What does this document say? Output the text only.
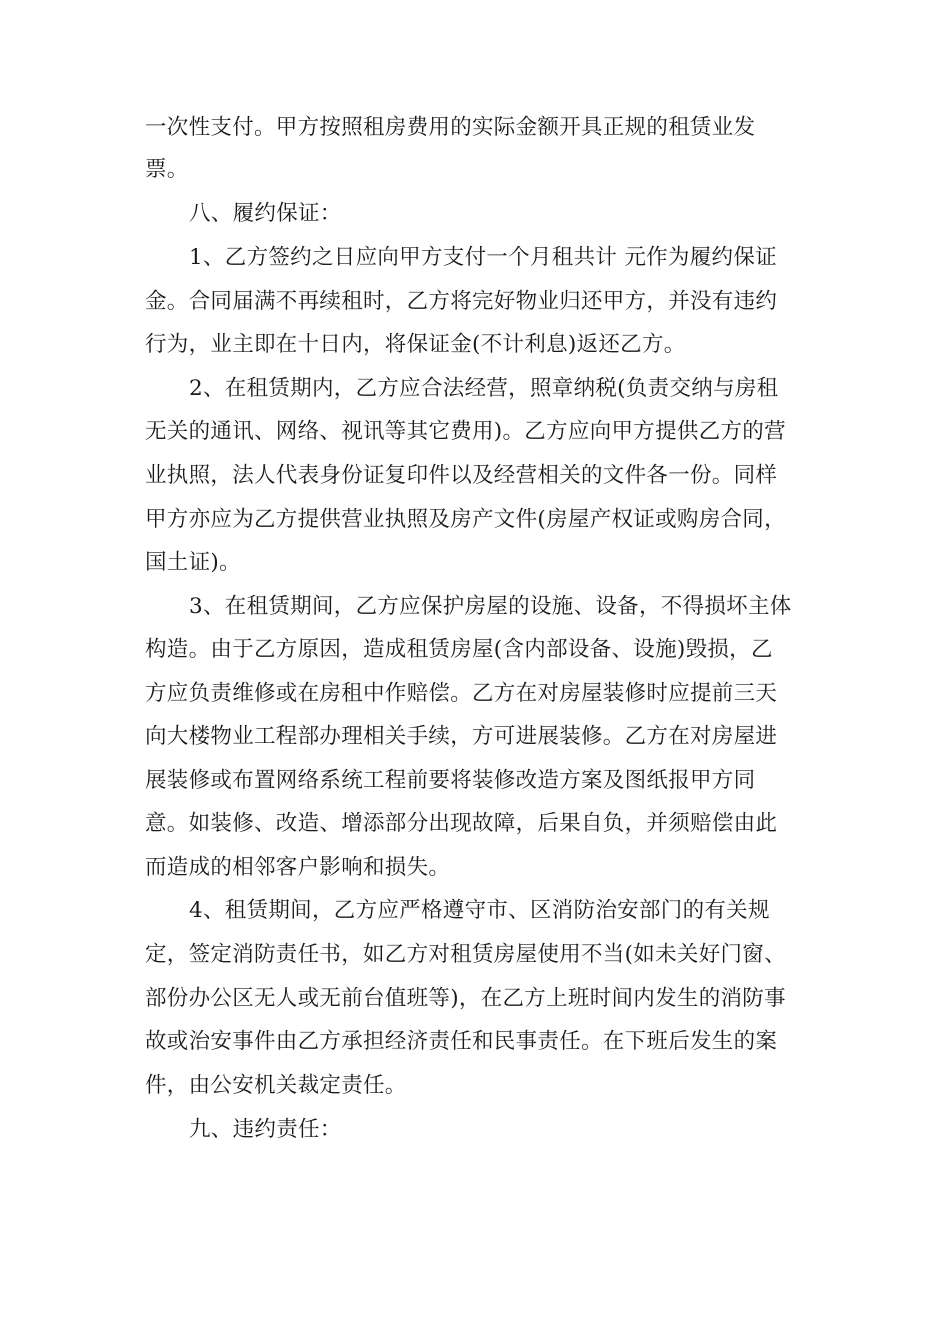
一次性支付。甲方按照租房费用的实际金额开具正规的租赁业发
票。
八、履约保证：
1、乙方签约之日应向甲方支付一个月租共计 元作为履约保证
金。合同届满不再续租时，乙方将完好物业归还甲方，并没有违约
行为，业主即在十日内，将保证金(不计利息)返还乙方。
2、在租赁期内，乙方应合法经营，照章纳税(负责交纳与房租
无关的通讯、网络、视讯等其它费用)。乙方应向甲方提供乙方的营
业执照，法人代表身份证复印件以及经营相关的文件各一份。同样
甲方亦应为乙方提供营业执照及房产文件(房屋产权证或购房合同，
国土证)。
3、在租赁期间，乙方应保护房屋的设施、设备，不得损坏主体
构造。由于乙方原因，造成租赁房屋(含内部设备、设施)毁损，乙
方应负责维修或在房租中作赔偿。乙方在对房屋装修时应提前三天
向大楼物业工程部办理相关手续，方可进展装修。乙方在对房屋进
展装修或布置网络系统工程前要将装修改造方案及图纸报甲方同
意。如装修、改造、增添部分出现故障，后果自负，并须赔偿由此
而造成的相邻客户影响和损失。
4、租赁期间，乙方应严格遵守市、区消防治安部门的有关规
定，签定消防责任书，如乙方对租赁房屋使用不当(如未关好门窗、
部份办公区无人或无前台值班等)，在乙方上班时间内发生的消防事
故或治安事件由乙方承担经济责任和民事责任。在下班后发生的案
件，由公安机关裁定责任。
九、违约责任：
